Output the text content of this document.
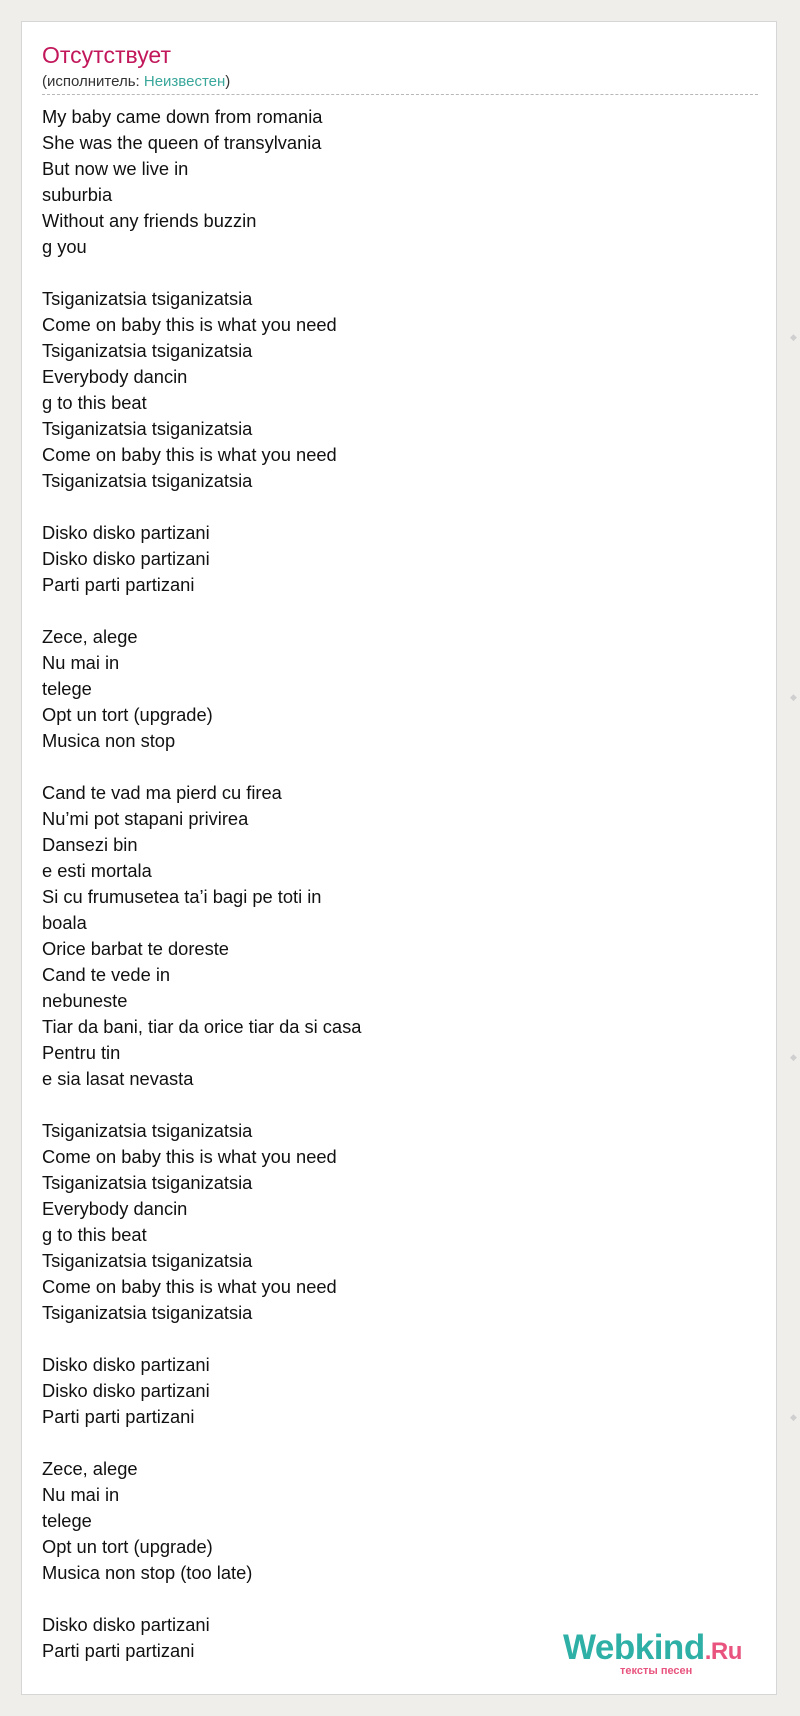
Отсутствует
(исполнитель: Неизвестен)
My baby came down from romania
She was the queen of transylvania
But now we live in
suburbia
Without any friends buzzin
g you
Tsiganizatsia tsiganizatsia
Come on baby this is what you need
Tsiganizatsia tsiganizatsia
Everybody dancin
g to this beat
Tsiganizatsia tsiganizatsia
Come on baby this is what you need
Tsiganizatsia tsiganizatsia
Disko disko partizani
Disko disko partizani
Parti parti partizani
Zece, alege
Nu mai in
telege
Opt un tort (upgrade)
Musica non stop
Cand te vad ma pierd cu firea
Nu’mi pot stapani privirea
Dansezi bin
e esti mortala
Si cu frumusetea ta’i bagi pe toti in
boala
Orice barbat te doreste
Cand te vede in
nebuneste
Tiar da bani, tiar da orice tiar da si casa
Pentru tin
e sia lasat nevasta
Tsiganizatsia tsiganizatsia
Come on baby this is what you need
Tsiganizatsia tsiganizatsia
Everybody dancin
g to this beat
Tsiganizatsia tsiganizatsia
Come on baby this is what you need
Tsiganizatsia tsiganizatsia
Disko disko partizani
Disko disko partizani
Parti parti partizani
Zece, alege
Nu mai in
telege
Opt un tort (upgrade)
Musica non stop (too late)
Disko disko partizani
Parti parti partizani
◆
◆
◆
◆
Webkind.Ru
тексты песен
